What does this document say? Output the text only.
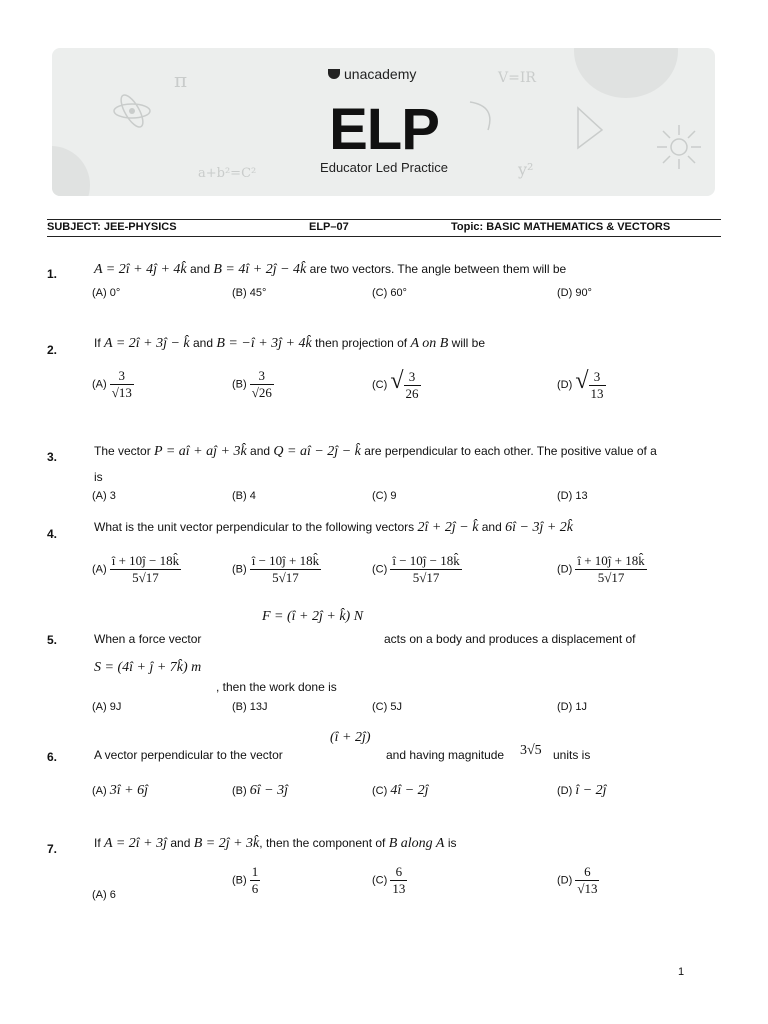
π	V=IR
a+b²=C²	y²
unacademy
ELP
Educator Led Practice
SUBJECT: JEE-PHYSICS	ELP–07	Topic: BASIC MATHEMATICS & VECTORS
1.	A = 2î + 4ĵ + 4k̂ and B = 4î + 2ĵ − 4k̂ are two vectors. The angle between them will be
(A) 0°	(B) 45°	(C) 60°	(D) 90°
2.	If A = 2î + 3ĵ − k̂ and B = −î + 3ĵ + 4k̂ then projection of A on B will be
$(A) \frac{3}{√13}$	$(B) \frac{3}{√26}$	(C) √ $\frac{3}{26}$	(D) √ $\frac{3}{13}$
3.	The vector P = aî + aĵ + 3k̂ and Q = aî − 2ĵ − k̂ are perpendicular to each other. The positive value of a
is
(A) 3	(B) 4	(C) 9	(D) 13
4.	What is the unit vector perpendicular to the following vectors 2î + 2ĵ − k̂ and 6î − 3ĵ + 2k̂
$(A) \frac{î + 10ĵ - 18k̂}{5√17}$	$(B) \frac{î - 10ĵ + 18k̂}{5√17}$	$(C) \frac{î - 10ĵ - 18k̂}{5√17}$	$(D) \frac{î + 10ĵ + 18k̂}{5√17}$
F = (î + 2ĵ + k̂) N
5.	When a force vector	acts on a body and produces a displacement of
S = (4î + ĵ + 7k̂) m
, then the work done is
(A) 9J	(B) 13J	(C) 5J	(D) 1J
6.	A vector perpendicular to the vector
(î + 2ĵ)
and having magnitude 3√5 units is
(A) 3î + 6ĵ	(B) 6î − 3ĵ	(C) 4î − 2ĵ	(D) î − 2ĵ
7.	If A = 2î + 3ĵ and B = 2ĵ + 3k̂, then the component of B along A is
(A) 6
$(B) \frac{1}{6}$	$(C) \frac{6}{13}$	$(D) \frac{6}{√13}$
1
